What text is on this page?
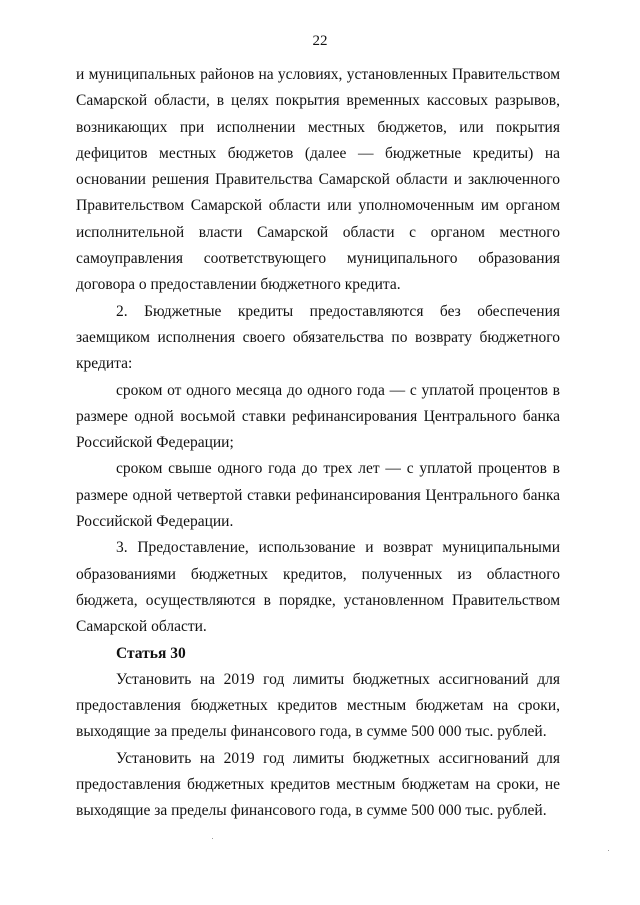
22

и муниципальных районов на условиях, установленных Правительством Самарской области, в целях покрытия временных кассовых разрывов, возникающих при исполнении местных бюджетов, или покрытия дефицитов местных бюджетов (далее — бюджетные кредиты) на основании решения Правительства Самарской области и заключенного Правительством Самарской области или уполномоченным им органом исполнительной власти Самарской области с органом местного самоуправления соответствующего муниципального образования договора о предоставлении бюджетного кредита.

2. Бюджетные кредиты предоставляются без обеспечения заемщиком исполнения своего обязательства по возврату бюджетного кредита:

сроком от одного месяца до одного года — с уплатой процентов в размере одной восьмой ставки рефинансирования Центрального банка Российской Федерации;

сроком свыше одного года до трех лет — с уплатой процентов в размере одной четвертой ставки рефинансирования Центрального банка Российской Федерации.

3. Предоставление, использование и возврат муниципальными образованиями бюджетных кредитов, полученных из областного бюджета, осуществляются в порядке, установленном Правительством Самарской области.

Статья 30

Установить на 2019 год лимиты бюджетных ассигнований для предоставления бюджетных кредитов местным бюджетам на сроки, выходящие за пределы финансового года, в сумме 500 000 тыс. рублей.

Установить на 2019 год лимиты бюджетных ассигнований для предоставления бюджетных кредитов местным бюджетам на сроки, не выходящие за пределы финансового года, в сумме 500 000 тыс. рублей.
